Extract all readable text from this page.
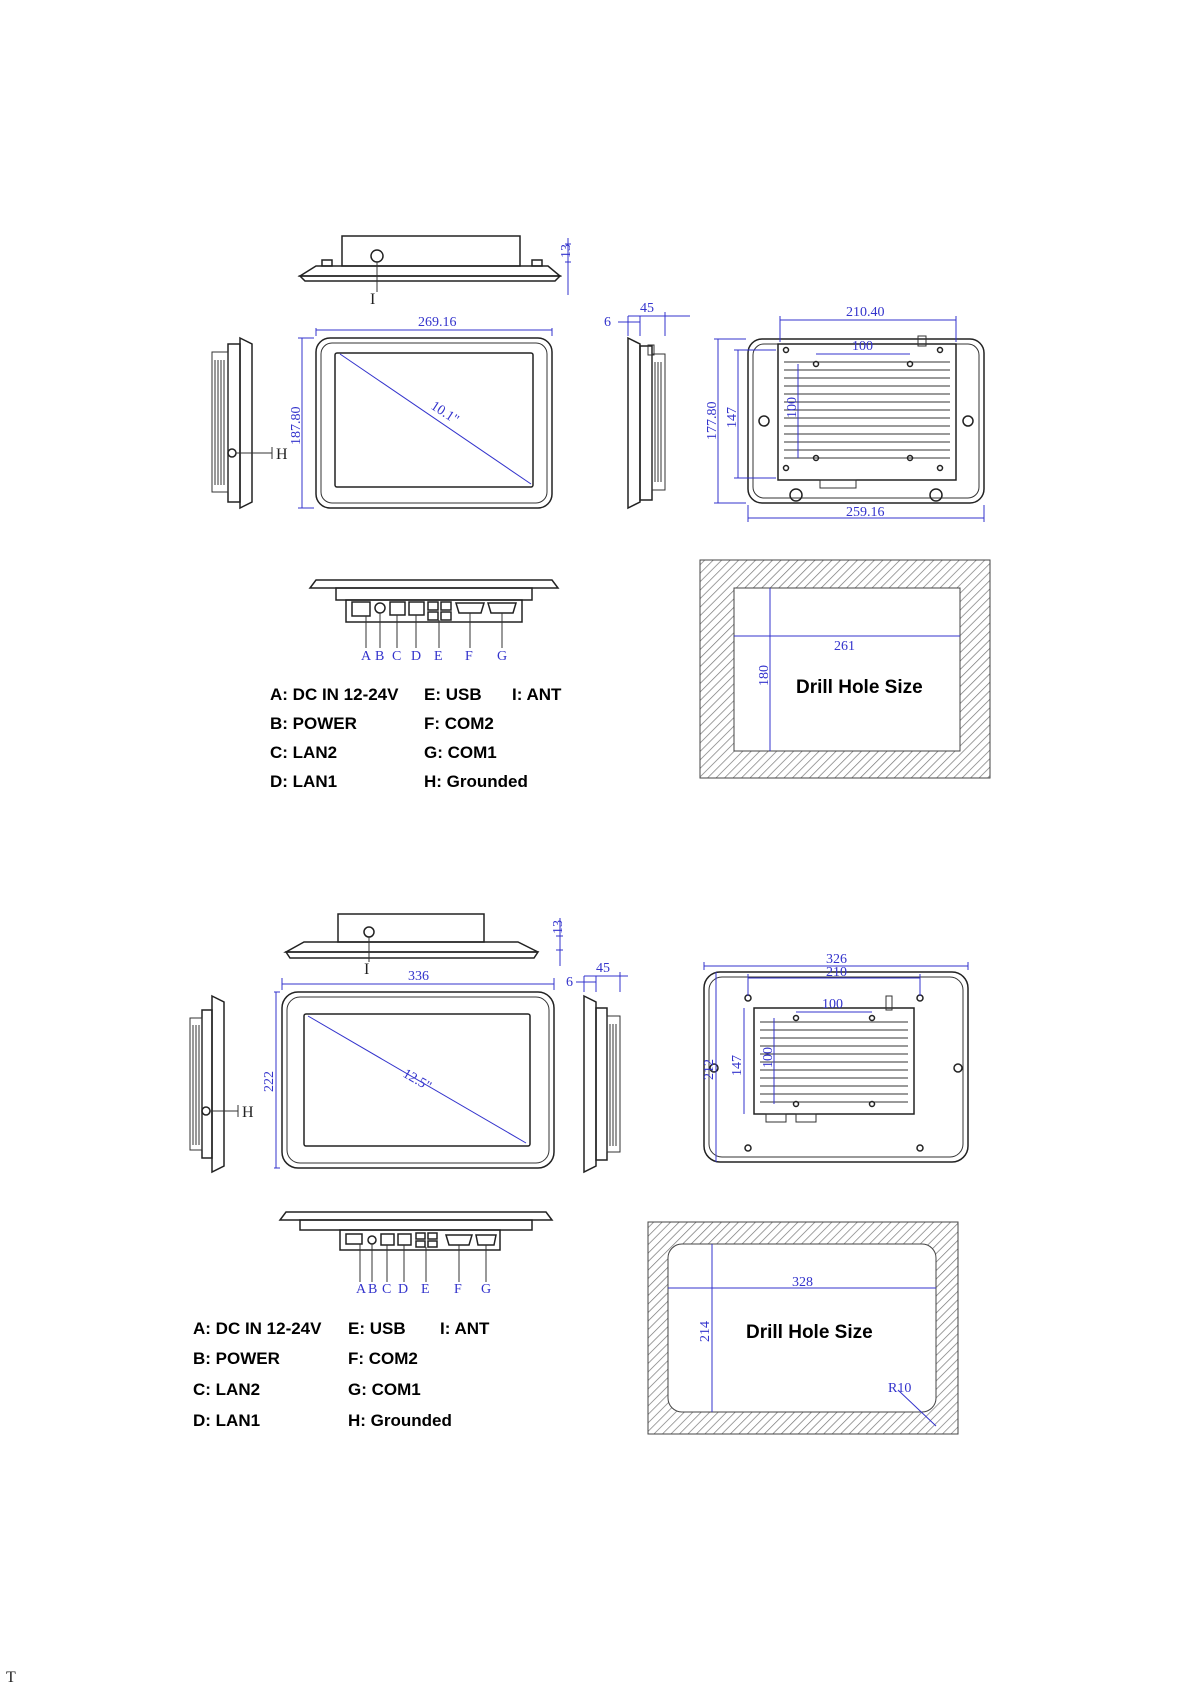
I
13
H
10.1"
269.16
187.80
6
45	210.40
100
100
177.80 147
259.16
A B C D E F G
A: DC IN 12-24V E: USB I: ANT
B: POWER	F: COM2
C: LAN2	G: COM1
D: LAN1	H: Grounded
261
180
Drill Hole Size
I
13
H
12.5"
336
222
6
45
326
210
100
100
212 147
A B C D E F G
A: DC IN 12-24V E: USB I: ANT
B: POWER	F: COM2
C: LAN2	G: COM1
D: LAN1	H: Grounded
328
214 Drill Hole Size
R10
T
